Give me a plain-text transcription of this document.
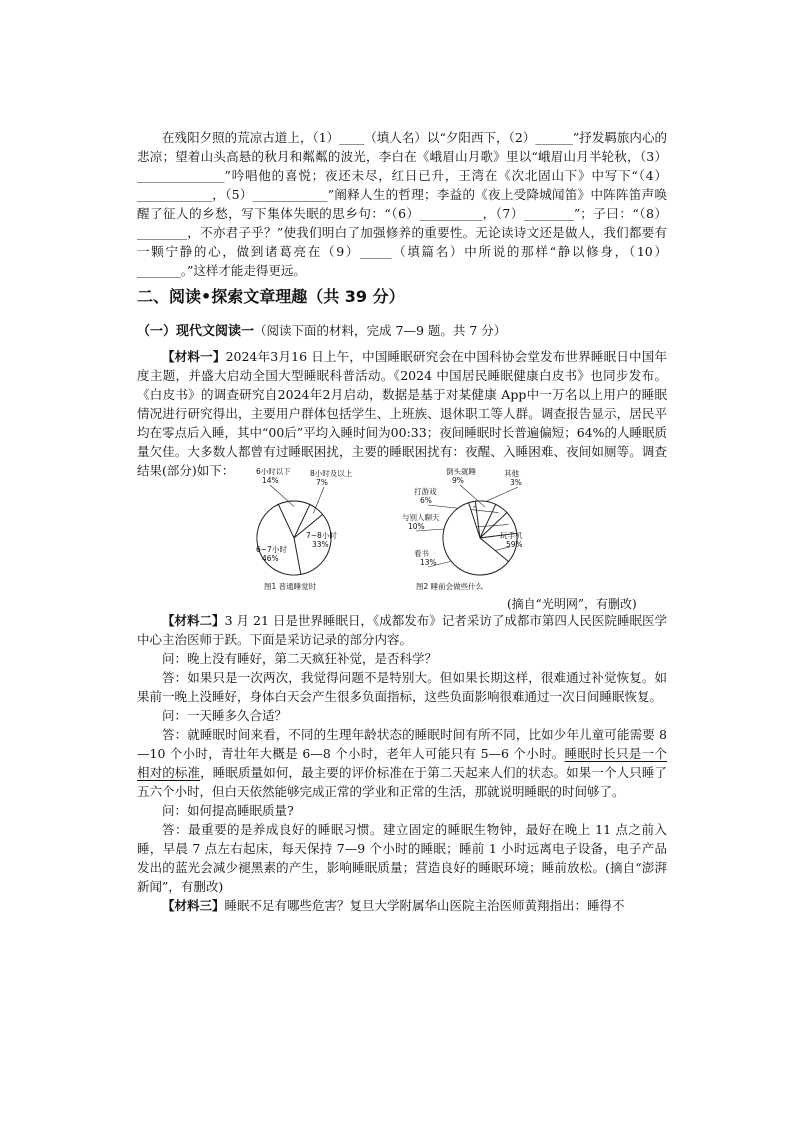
在残阳夕照的荒凉古道上，（1）____（填人名）以“夕阳西下，（2）______”抒发羁旅内心的悲凉；望着山头高悬的秋月和粼粼的波光，李白在《峨眉山月歌》里以“峨眉山月半轮秋，（3）______________”吟唱他的喜悦；夜还未尽，红日已升，王湾在《次北固山下》中写下“（4）____________，（5）____________”阐释人生的哲理；李益的《夜上受降城闻笛》中阵阵笛声唤醒了征人的乡愁，写下集体失眠的思乡句：“（6）__________，（7）________”；子曰：“（8）________，不亦君子乎？”使我们明白了加强修养的重要性。无论读诗文还是做人，我们都要有一颗宁静的心，做到诸葛亮在（9）_____（填篇名）中所说的那样“静以修身，（10）_______。”这样才能走得更远。

二、阅读•探索文章理趣（共 39 分）
（一）现代文阅读一（阅读下面的材料，完成 7—9 题。共 7 分）

【材料一】2024年3月16 日上午，中国睡眠研究会在中国科协会堂发布世界睡眠日中国年度主题，并盛大启动全国大型睡眠科普活动。《2024 中国居民睡眠健康白皮书》也同步发布。《白皮书》的调查研究自2024年2月启动，数据是基于对某健康 App中一万名以上用户的睡眠情况进行研究得出，主要用户群体包括学生、上班族、退休职工等人群。调查报告显示，居民平均在零点后入睡，其中“00后”平均入睡时间为00:33；夜间睡眠时长普遍偏短；64%的人睡眠质量欠佳。大多数人都曾有过睡眠困扰，主要的睡眠困扰有：夜醒、入睡困难、夜间如厕等。调查结果(部分)如下：	6小时以下 14%
8小时及以上 7%
7~8小时 33%
6~7小时 46%
图1 普通睡觉时
其他 3%
倒头就睡 9%
打游戏 6%
与别人聊天 10%
看书 13%
玩手机 59%
图2 睡前会做些什么
(摘自“光明网”，有删改)

【材料二】3 月 21 日是世界睡眠日，《成都发布》记者采访了成都市第四人民医院睡眠医学中心主治医师于跃。下面是采访记录的部分内容。

问：晚上没有睡好，第二天疯狂补觉，是否科学？

答：如果只是一次两次，我觉得问题不是特别大。但如果长期这样，很难通过补觉恢复。如果前一晚上没睡好，身体白天会产生很多负面指标，这些负面影响很难通过一次日间睡眠恢复。

问：一天睡多久合适？

答：就睡眠时间来看，不同的生理年龄状态的睡眠时间有所不同，比如少年儿童可能需要 8—10 个小时，青壮年大概是 6—8 个小时，老年人可能只有 5—6 个小时。睡眠时长只是一个相对的标准，睡眠质量如何，最主要的评价标准在于第二天起来人们的状态。如果一个人只睡了五六个小时，但白天依然能够完成正常的学业和正常的生活，那就说明睡眠的时间够了。

问：如何提高睡眠质量?

答：最重要的是养成良好的睡眠习惯。建立固定的睡眠生物钟，最好在晚上 11 点之前入睡，早晨 7 点左右起床，每天保持 7—9 个小时的睡眠；睡前 1 小时远离电子设备，电子产品发出的蓝光会减少褪黑素的产生，影响睡眠质量；营造良好的睡眠环境；睡前放松。(摘自“澎湃新闻”，有删改)

【材料三】睡眠不足有哪些危害？复旦大学附属华山医院主治医师黄翔指出：睡得不
